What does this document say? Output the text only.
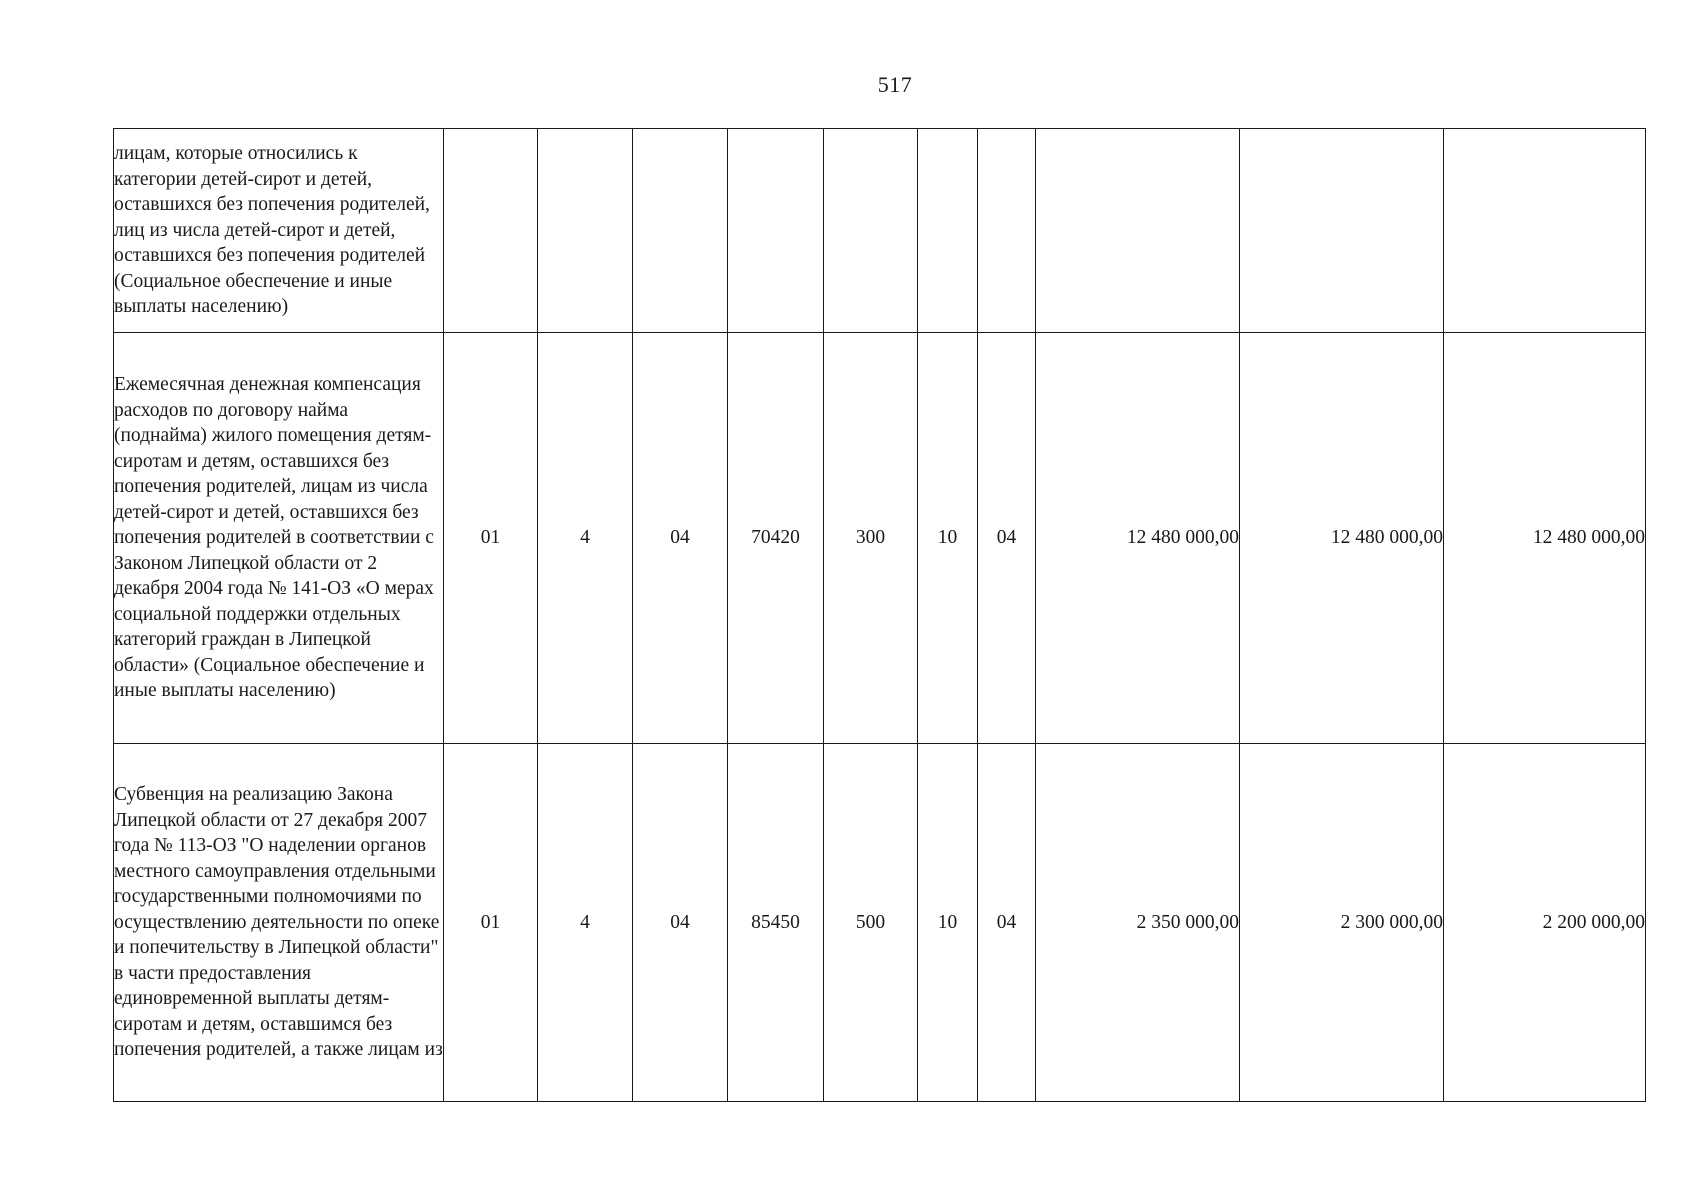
517
лицам, которые относились к категории детей-сирот и детей, оставшихся без попечения родителей, лиц из числа детей-сирот и детей, оставшихся без попечения родителей (Социальное обеспечение и иные выплаты населению)										
Ежемесячная денежная компенсация расходов по договору найма (поднайма) жилого помещения детям-сиротам и детям, оставшихся без попечения родителей, лицам из числа детей-сирот и детей, оставшихся без попечения родителей в соответствии с Законом Липецкой области от 2 декабря 2004 года № 141-ОЗ «О мерах социальной поддержки отдельных категорий граждан в Липецкой области» (Социальное обеспечение и иные выплаты населению)	01	4	04	70420	300	10	04	12 480 000,00	12 480 000,00	12 480 000,00
Субвенция на реализацию Закона Липецкой области от 27 декабря 2007 года № 113-ОЗ "О наделении органов местного самоуправления отдельными государственными полномочиями по осуществлению деятельности по опеке и попечительству в Липецкой области" в части предоставления единовременной выплаты детям-сиротам и детям, оставшимся без попечения родителей, а также лицам из	01	4	04	85450	500	10	04	2 350 000,00	2 300 000,00	2 200 000,00
